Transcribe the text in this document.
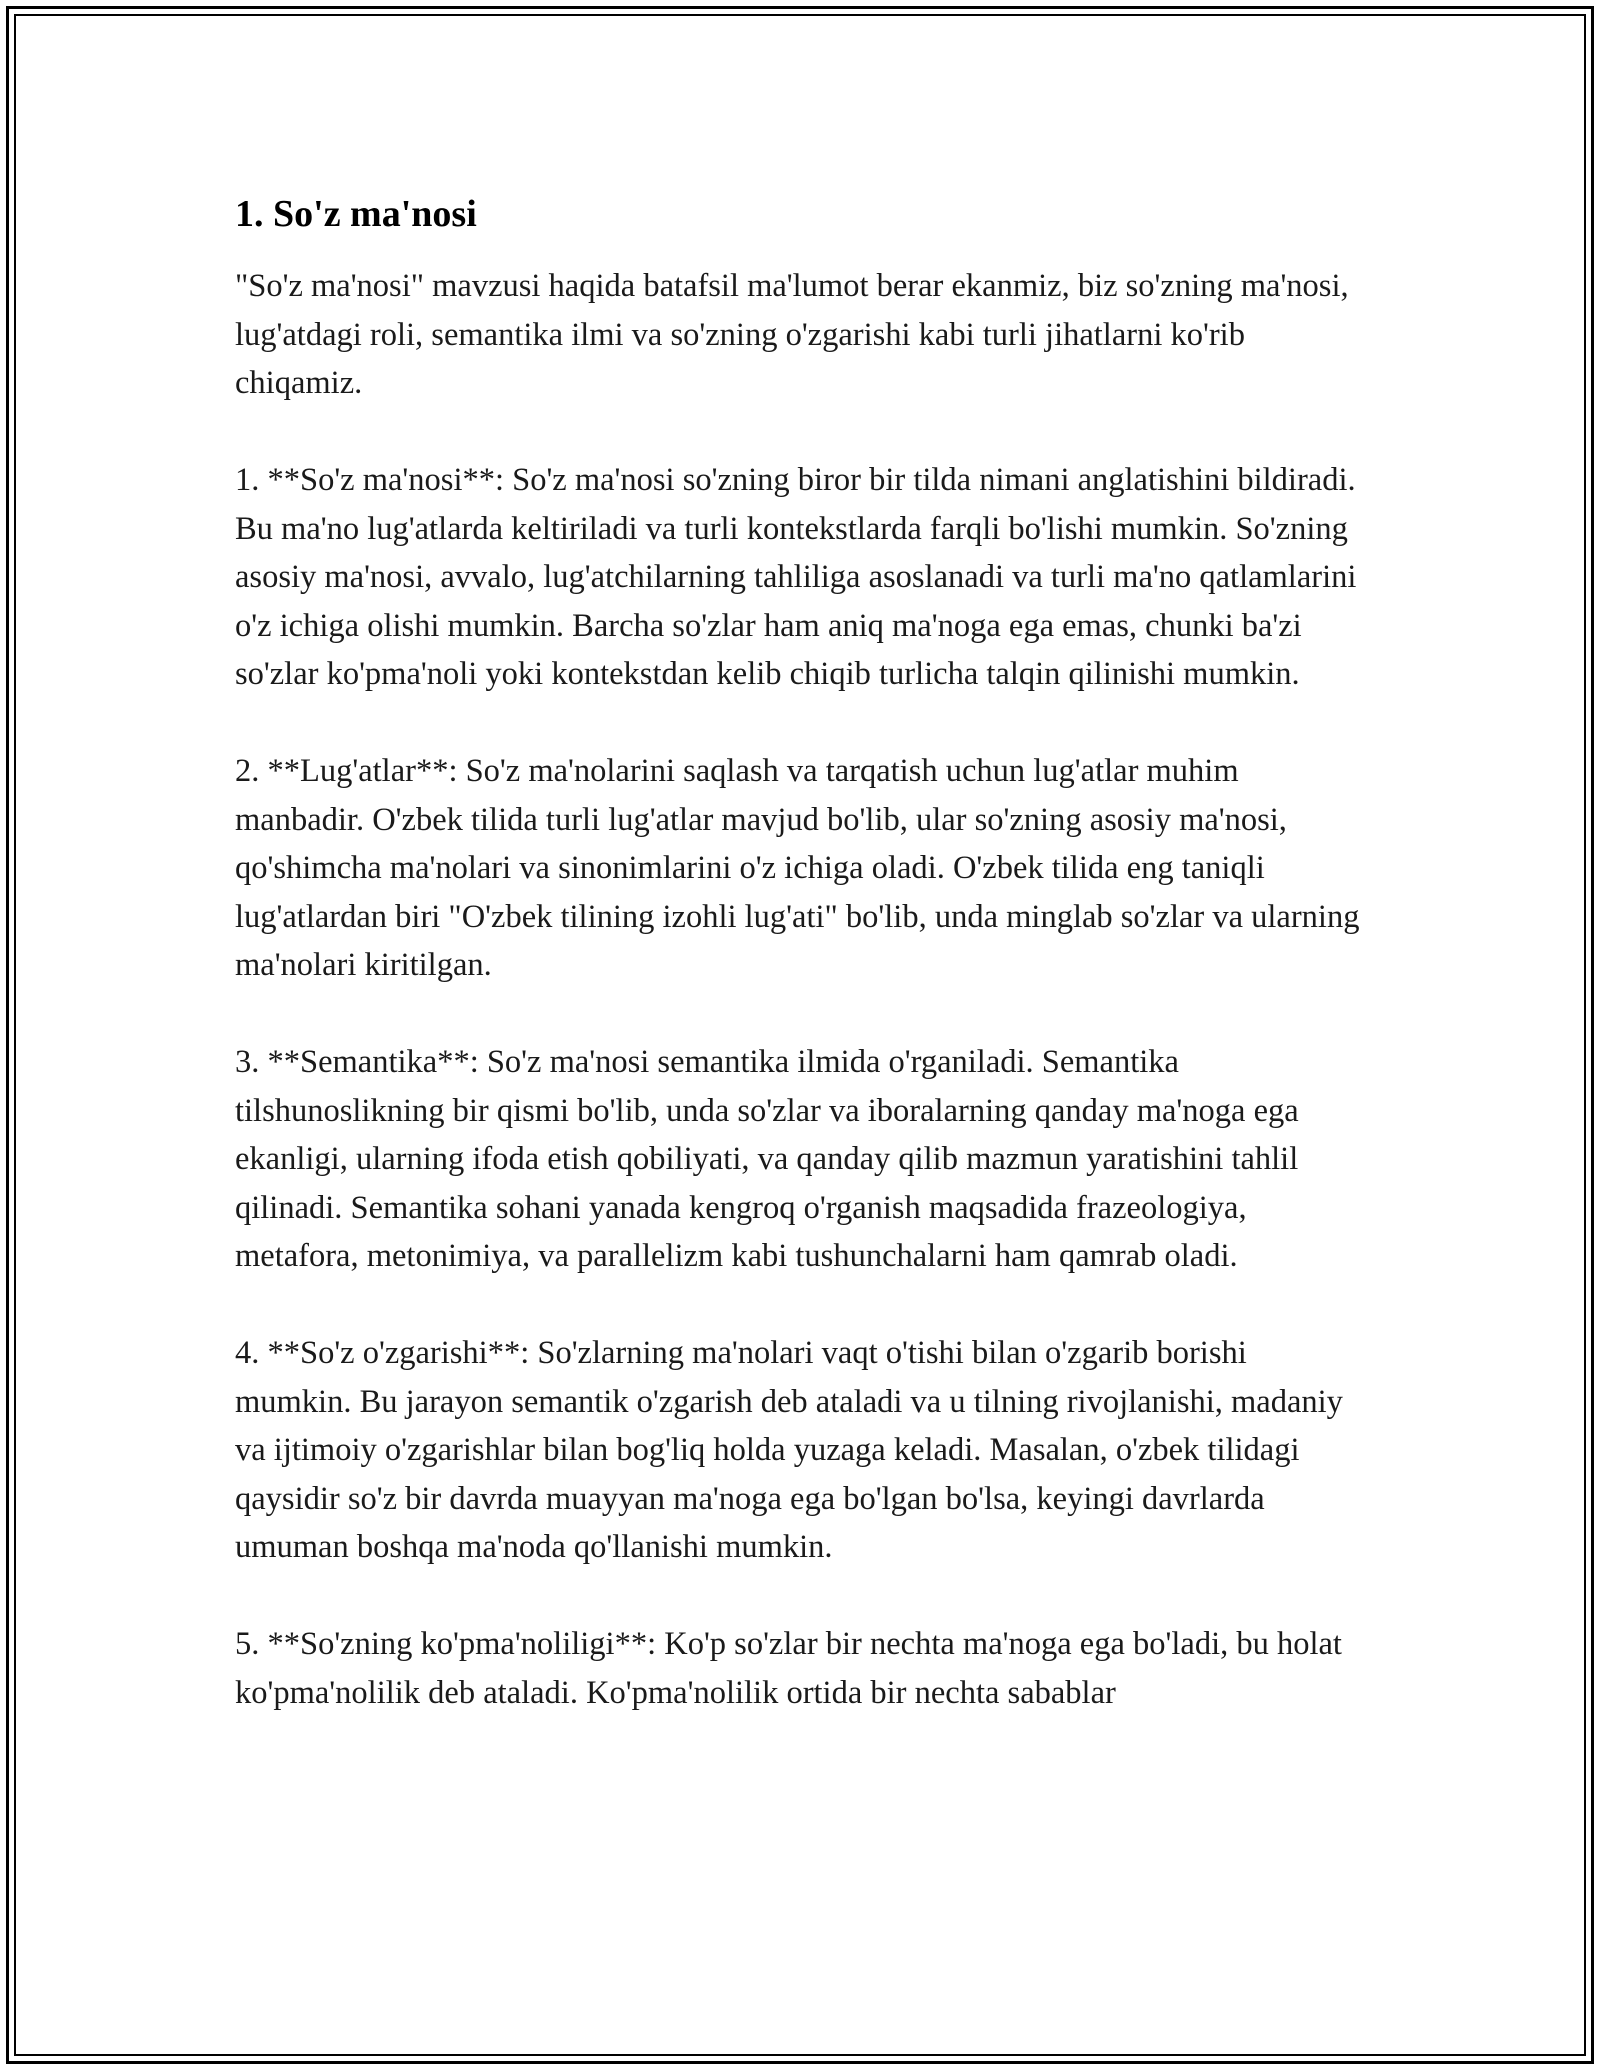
1. So'z ma'nosi

"So'z ma'nosi" mavzusi haqida batafsil ma'lumot berar ekanmiz, biz so'zning ma'nosi, lug'atdagi roli, semantika ilmi va so'zning o'zgarishi kabi turli jihatlarni ko'rib chiqamiz.

1. **So'z ma'nosi**: So'z ma'nosi so'zning biror bir tilda nimani anglatishini bildiradi. Bu ma'no lug'atlarda keltiriladi va turli kontekstlarda farqli bo'lishi mumkin. So'zning asosiy ma'nosi, avvalo, lug'atchilarning tahliliga asoslanadi va turli ma'no qatlamlarini o'z ichiga olishi mumkin. Barcha so'zlar ham aniq ma'noga ega emas, chunki ba'zi so'zlar ko'pma'noli yoki kontekstdan kelib chiqib turlicha talqin qilinishi mumkin.

2. **Lug'atlar**: So'z ma'nolarini saqlash va tarqatish uchun lug'atlar muhim manbadir. O'zbek tilida turli lug'atlar mavjud bo'lib, ular so'zning asosiy ma'nosi, qo'shimcha ma'nolari va sinonimlarini o'z ichiga oladi. O'zbek tilida eng taniqli lug'atlardan biri "O'zbek tilining izohli lug'ati" bo'lib, unda minglab so'zlar va ularning ma'nolari kiritilgan.

3. **Semantika**: So'z ma'nosi semantika ilmida o'rganiladi. Semantika tilshunoslikning bir qismi bo'lib, unda so'zlar va iboralarning qanday ma'noga ega ekanligi, ularning ifoda etish qobiliyati, va qanday qilib mazmun yaratishini tahlil qilinadi. Semantika sohani yanada kengroq o'rganish maqsadida frazeologiya, metafora, metonimiya, va parallelizm kabi tushunchalarni ham qamrab oladi.

4. **So'z o'zgarishi**: So'zlarning ma'nolari vaqt o'tishi bilan o'zgarib borishi mumkin. Bu jarayon semantik o'zgarish deb ataladi va u tilning rivojlanishi, madaniy va ijtimoiy o'zgarishlar bilan bog'liq holda yuzaga keladi. Masalan, o'zbek tilidagi qaysidir so'z bir davrda muayyan ma'noga ega bo'lgan bo'lsa, keyingi davrlarda umuman boshqa ma'noda qo'llanishi mumkin.

5. **So'zning ko'pma'noliligi**: Ko'p so'zlar bir nechta ma'noga ega bo'ladi, bu holat ko'pma'nolilik deb ataladi. Ko'pma'nolilik ortida bir nechta sabablar
